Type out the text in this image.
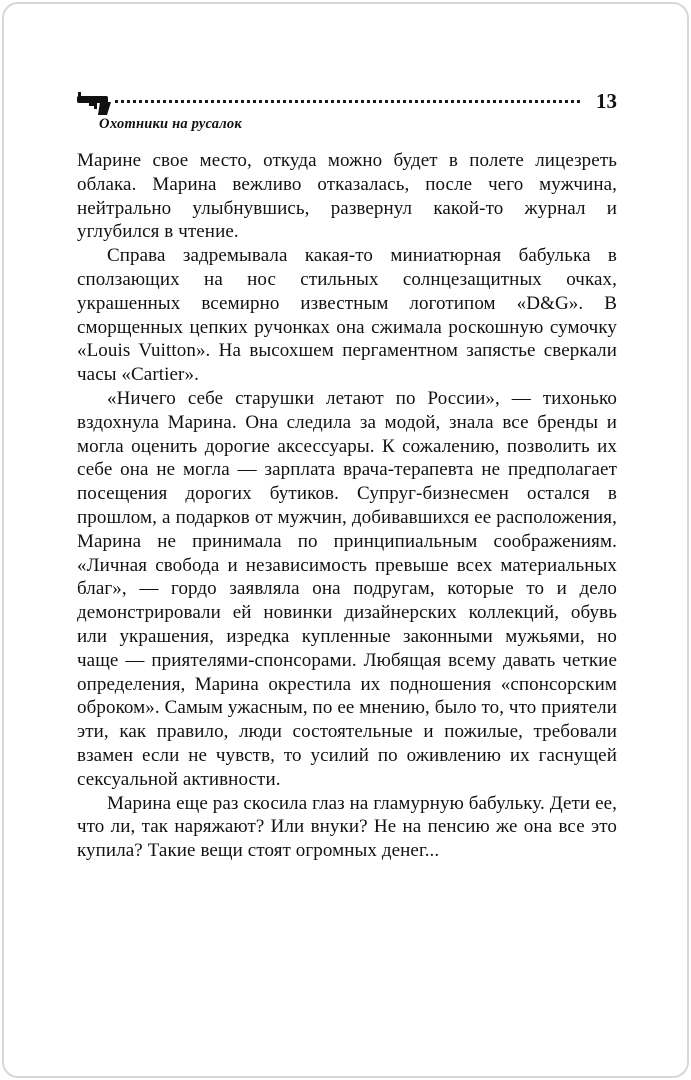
13
Охотники на русалок

Марине свое место, откуда можно будет в полете лицезреть облака. Марина вежливо отказалась, после чего мужчина, нейтрально улыбнувшись, развернул какой-то журнал и углубился в чтение.

Справа задремывала какая-то миниатюрная бабулька в сползающих на нос стильных солнцезащитных очках, украшенных всемирно известным логотипом «D&G». В сморщенных цепких ручонках она сжимала роскошную сумочку «Louis Vuitton». На высохшем пергаментном запястье сверкали часы «Cartier».

«Ничего себе старушки летают по России», — тихонько вздохнула Марина. Она следила за модой, знала все бренды и могла оценить дорогие аксессуары. К сожалению, позволить их себе она не могла — зарплата врача-терапевта не предполагает посещения дорогих бутиков. Супруг-бизнесмен остался в прошлом, а подарков от мужчин, добивавшихся ее расположения, Марина не принимала по принципиальным соображениям. «Личная свобода и независимость превыше всех материальных благ», — гордо заявляла она подругам, которые то и дело демонстрировали ей новинки дизайнерских коллекций, обувь или украшения, изредка купленные законными мужьями, но чаще — приятелями-спонсорами. Любящая всему давать четкие определения, Марина окрестила их подношения «спонсорским оброком». Самым ужасным, по ее мнению, было то, что приятели эти, как правило, люди состоятельные и пожилые, требовали взамен если не чувств, то усилий по оживлению их гаснущей сексуальной активности.

Марина еще раз скосила глаз на гламурную бабульку. Дети ее, что ли, так наряжают? Или внуки? Не на пенсию же она все это купила? Такие вещи стоят огромных денег...
